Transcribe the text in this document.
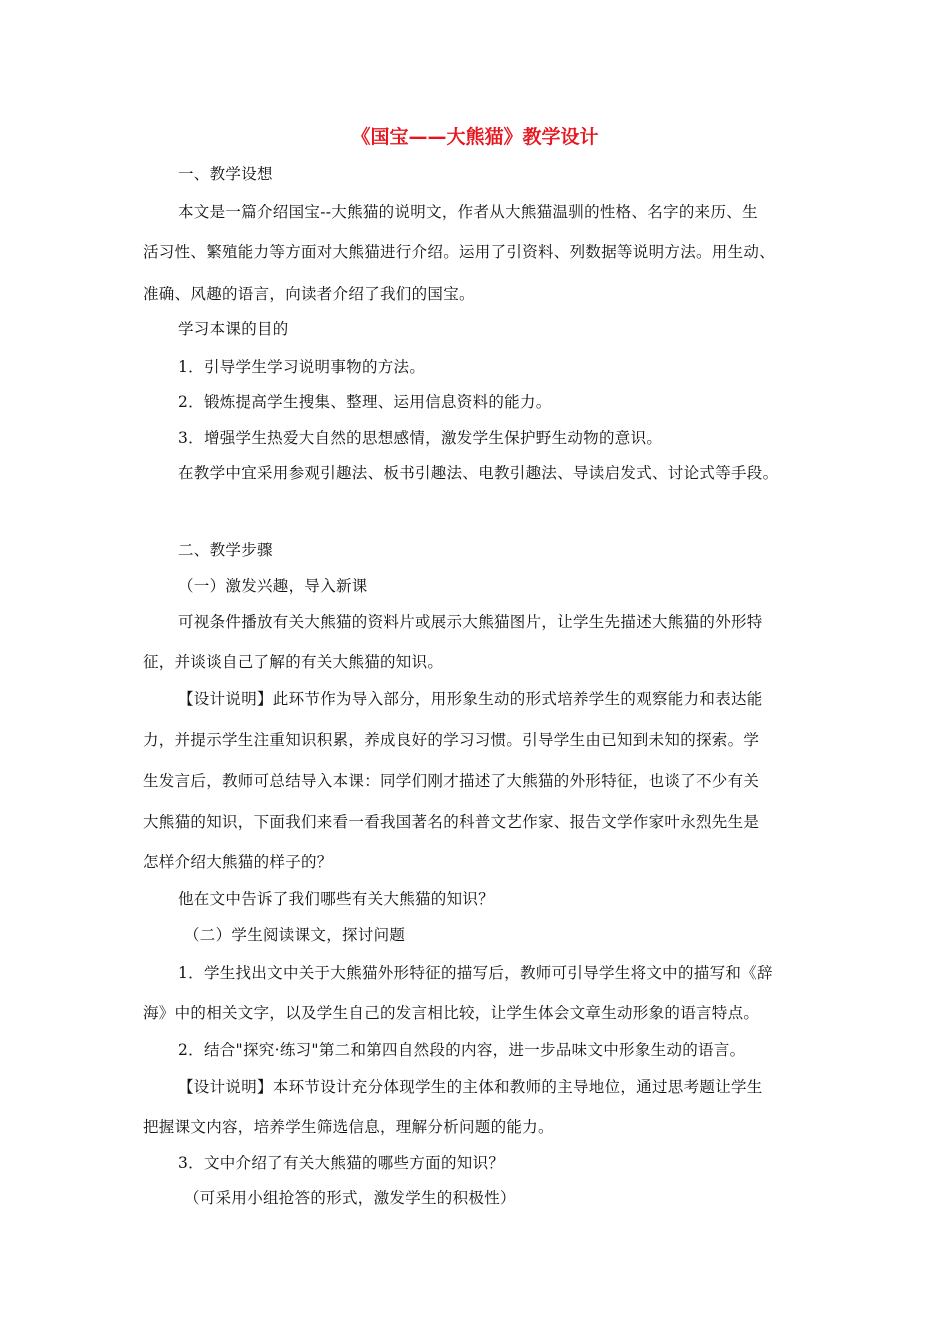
《国宝——大熊猫》教学设计
一、教学设想
本文是一篇介绍国宝--大熊猫的说明文，作者从大熊猫温驯的性格、名字的来历、生
活习性、繁殖能力等方面对大熊猫进行介绍。运用了引资料、列数据等说明方法。用生动、
准确、风趣的语言，向读者介绍了我们的国宝。
学习本课的目的
1．引导学生学习说明事物的方法。
2．锻炼提高学生搜集、整理、运用信息资料的能力。
3．增强学生热爱大自然的思想感情，激发学生保护野生动物的意识。
在教学中宜采用参观引趣法、板书引趣法、电教引趣法、导读启发式、讨论式等手段。
二、教学步骤
（一）激发兴趣，导入新课
可视条件播放有关大熊猫的资料片或展示大熊猫图片，让学生先描述大熊猫的外形特
征，并谈谈自己了解的有关大熊猫的知识。
【设计说明】此环节作为导入部分，用形象生动的形式培养学生的观察能力和表达能
力，并提示学生注重知识积累，养成良好的学习习惯。引导学生由已知到未知的探索。学
生发言后，教师可总结导入本课：同学们刚才描述了大熊猫的外形特征，也谈了不少有关
大熊猫的知识，下面我们来看一看我国著名的科普文艺作家、报告文学作家叶永烈先生是
怎样介绍大熊猫的样子的？
他在文中告诉了我们哪些有关大熊猫的知识？
（二）学生阅读课文，探讨问题
1．学生找出文中关于大熊猫外形特征的描写后，教师可引导学生将文中的描写和《辞
海》中的相关文字，以及学生自己的发言相比较，让学生体会文章生动形象的语言特点。
2．结合"探究·练习"第二和第四自然段的内容，进一步品味文中形象生动的语言。
【设计说明】本环节设计充分体现学生的主体和教师的主导地位，通过思考题让学生
把握课文内容，培养学生筛选信息，理解分析问题的能力。
3．文中介绍了有关大熊猫的哪些方面的知识？
（可采用小组抢答的形式，激发学生的积极性）
